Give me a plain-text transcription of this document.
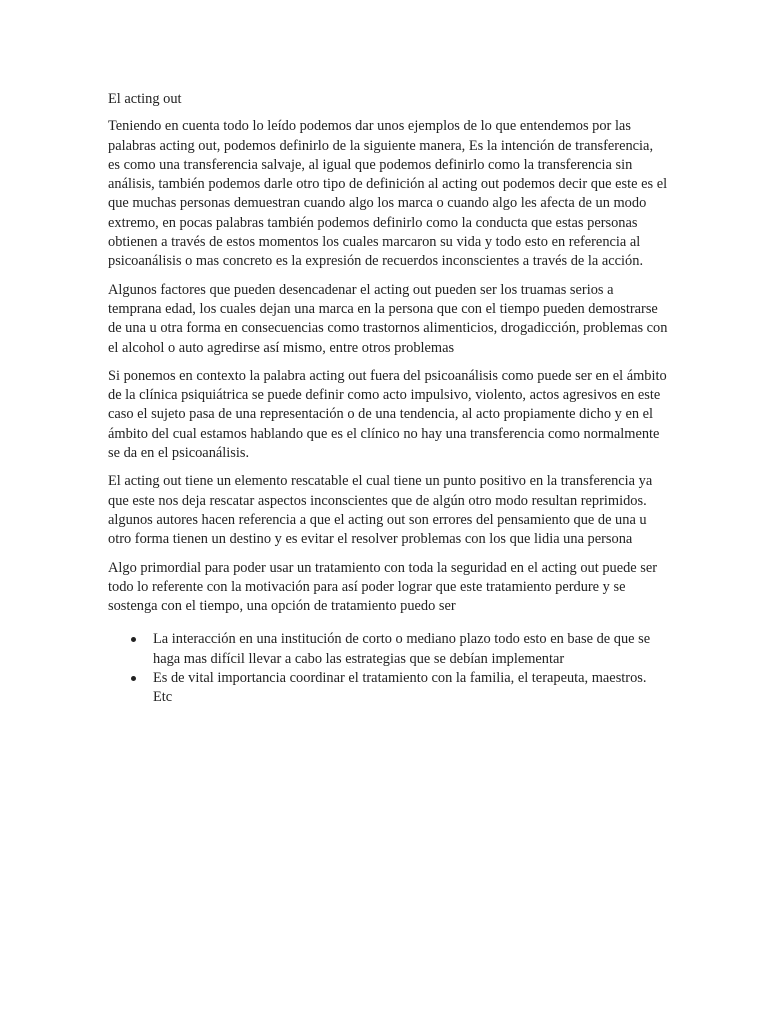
El acting out

Teniendo en cuenta todo lo leído podemos dar unos ejemplos de lo que entendemos por las palabras acting out, podemos definirlo de la siguiente manera, Es la intención de transferencia, es como una transferencia salvaje, al igual que podemos definirlo como la transferencia sin análisis, también podemos darle otro tipo de definición al acting out podemos decir que este es el que muchas personas demuestran cuando algo los marca o cuando algo les afecta de un modo extremo, en pocas palabras también podemos definirlo como la conducta que estas personas obtienen a través de estos momentos los cuales marcaron su vida y todo esto en referencia al psicoanálisis o mas concreto es la expresión de recuerdos inconscientes a través de la acción.

Algunos factores que pueden desencadenar el acting out pueden ser los truamas serios a temprana edad, los cuales dejan una marca en la persona que con el tiempo pueden demostrarse de una u otra forma en consecuencias como trastornos alimenticios, drogadicción, problemas con el alcohol o auto agredirse así mismo, entre otros problemas

Si ponemos en contexto la palabra acting out fuera del psicoanálisis como puede ser en el ámbito de la clínica psiquiátrica se puede definir como acto impulsivo, violento, actos agresivos en este caso el sujeto pasa de una representación o de una tendencia, al acto propiamente dicho y en el ámbito del cual estamos hablando que es el clínico no hay una transferencia como normalmente se da en el psicoanálisis.

El acting out tiene un elemento rescatable el cual tiene un punto positivo en la transferencia ya que este nos deja rescatar aspectos inconscientes que de algún otro modo resultan reprimidos. algunos autores hacen referencia a que el acting out son errores del pensamiento que de una u otro forma tienen un destino y es evitar el resolver problemas con los que lidia una persona

Algo primordial para poder usar un tratamiento con toda la seguridad en el acting out puede ser todo lo referente con la motivación para así poder lograr que este tratamiento perdure y se sostenga con el tiempo, una opción de tratamiento puedo ser

La interacción en una institución de corto o mediano plazo todo esto en base de que se haga mas difícil llevar a cabo las estrategias que se debían implementar
Es de vital importancia coordinar el tratamiento con la familia, el terapeuta, maestros. Etc
